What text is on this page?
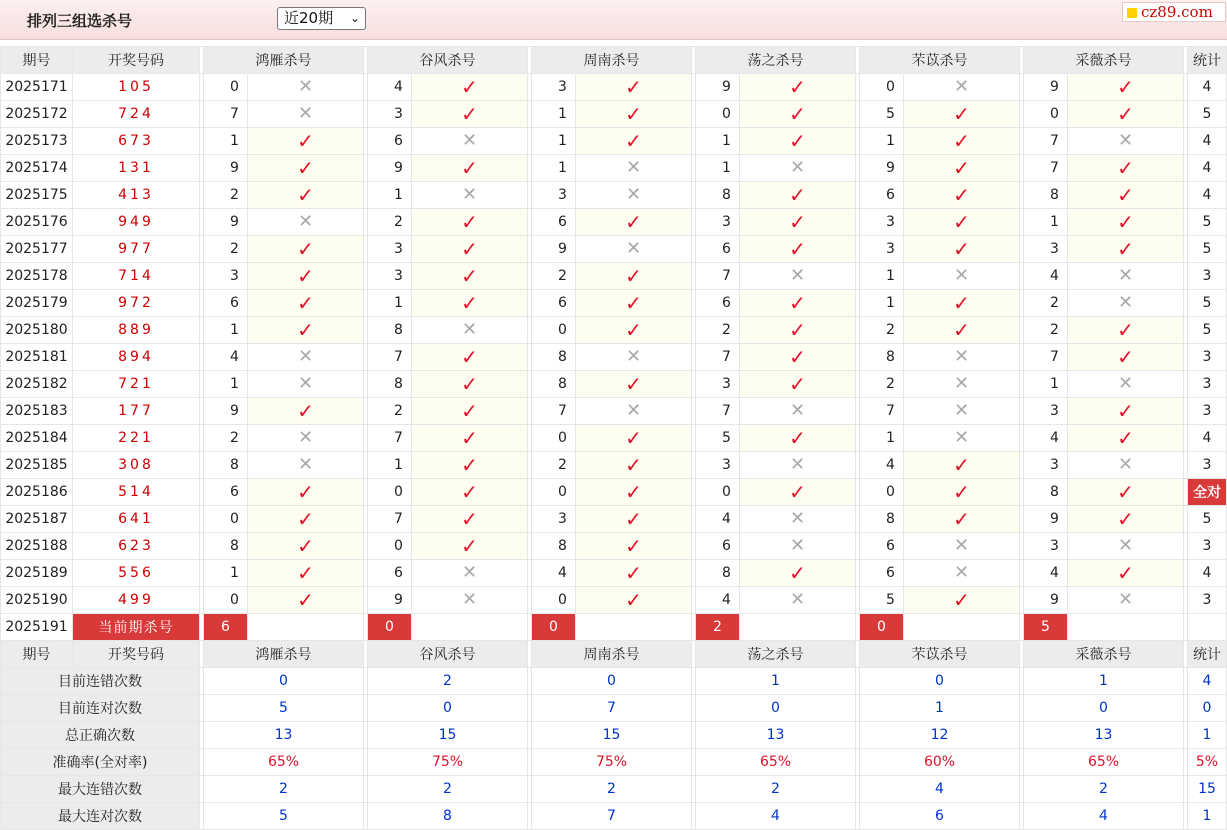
排列三组选杀号	近20期 ⌄	cz89.com
期号	开奖号码		鸿雁杀号			谷风杀号			周南杀号			荡之杀号			芣苡杀号			采薇杀号			统计
2025171	105		0	✕		4	✓		3	✓		9	✓		0	✕		9	✓		4
2025172	724		7	✕		3	✓		1	✓		0	✓		5	✓		0	✓		5
2025173	673		1	✓		6	✕		1	✓		1	✓		1	✓		7	✕		4
2025174	131		9	✓		9	✓		1	✕		1	✕		9	✓		7	✓		4
2025175	413		2	✓		1	✕		3	✕		8	✓		6	✓		8	✓		4
2025176	949		9	✕		2	✓		6	✓		3	✓		3	✓		1	✓		5
2025177	977		2	✓		3	✓		9	✕		6	✓		3	✓		3	✓		5
2025178	714		3	✓		3	✓		2	✓		7	✕		1	✕		4	✕		3
2025179	972		6	✓		1	✓		6	✓		6	✓		1	✓		2	✕		5
2025180	889		1	✓		8	✕		0	✓		2	✓		2	✓		2	✓		5
2025181	894		4	✕		7	✓		8	✕		7	✓		8	✕		7	✓		3
2025182	721		1	✕		8	✓		8	✓		3	✓		2	✕		1	✕		3
2025183	177		9	✓		2	✓		7	✕		7	✕		7	✕		3	✓		3
2025184	221		2	✕		7	✓		0	✓		5	✓		1	✕		4	✓		4
2025185	308		8	✕		1	✓		2	✓		3	✕		4	✓		3	✕		3
2025186	514		6	✓		0	✓		0	✓		0	✓		0	✓		8	✓		全对
2025187	641		0	✓		7	✓		3	✓		4	✕		8	✓		9	✓		5
2025188	623		8	✓		0	✓		8	✓		6	✕		6	✕		3	✕		3
2025189	556		1	✓		6	✕		4	✓		8	✓		6	✕		4	✓		4
2025190	499		0	✓		9	✕		0	✓		4	✕		5	✓		9	✕		3
2025191	当前期杀号		6			0			0			2			0			5			
期号	开奖号码		鸿雁杀号			谷风杀号			周南杀号			荡之杀号			芣苡杀号			采薇杀号			统计
目前连错次数			0			2			0			1			0			1			4
目前连对次数			5			0			7			0			1			0			0
总正确次数			13			15			15			13			12			13			1
准确率(全对率)			65%			75%			75%			65%			60%			65%			5%
最大连错次数			2			2			2			2			4			2			15
最大连对次数			5			8			7			4			6			4			1
